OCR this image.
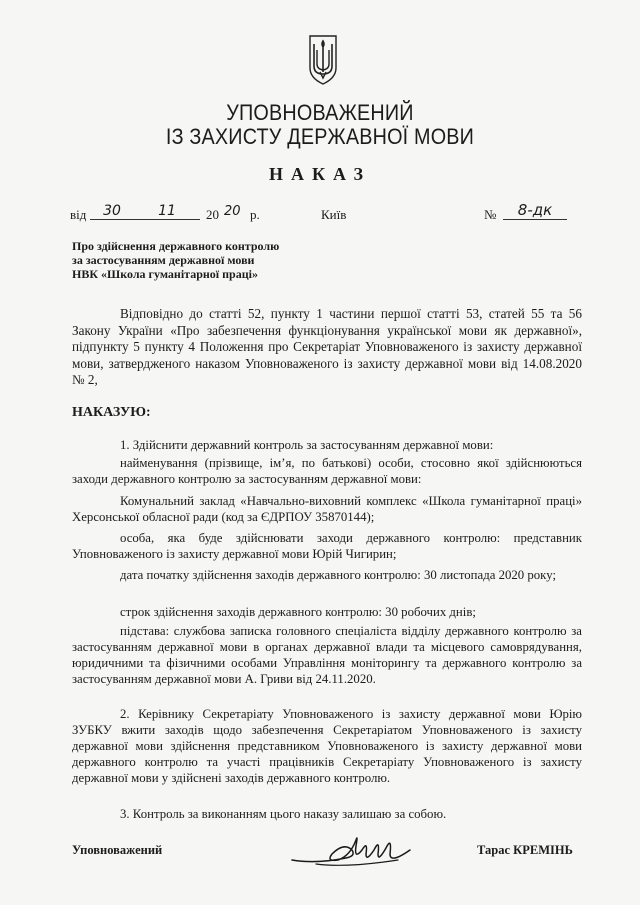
УПОВНОВАЖЕНИЙ
ІЗ ЗАХИСТУ ДЕРЖАВНОЇ МОВИ
НАКАЗ
від	30	11	20 20 р.	Київ	№	8-дк
Про здійснення державного контролю
за застосуванням державної мови
НВК «Школа гуманітарної праці»
Відповідно до статті 52, пункту 1 частини першої статті 53, статей 55 та 56 Закону України «Про забезпечення функціонування української мови як державної», підпункту 5 пункту 4 Положення про Секретаріат Уповноваженого із захисту державної мови, затвердженого наказом Уповноваженого із захисту державної мови від 14.08.2020 № 2,
НАКАЗУЮ:
1. Здійснити державний контроль за застосуванням державної мови:
найменування (прізвище, ім’я, по батькові) особи, стосовно якої здійснюються заходи державного контролю за застосуванням державної мови:
Комунальний заклад «Навчально-виховний комплекс «Школа гуманітарної праці» Херсонської обласної ради (код за ЄДРПОУ 35870144);
особа, яка буде здійснювати заходи державного контролю: представник Уповноваженого із захисту державної мови Юрій Чигирин;
дата початку здійснення заходів державного контролю: 30 листопада 2020 року;
строк здійснення заходів державного контролю: 30 робочих днів;
підстава: службова записка головного спеціаліста відділу державного контролю за застосуванням державної мови в органах державної влади та місцевого самоврядування, юридичними та фізичними особами Управління моніторингу та державного контролю за застосуванням державної мови А. Гриви від 24.11.2020.
2. Керівнику Секретаріату Уповноваженого із захисту державної мови Юрію ЗУБКУ вжити заходів щодо забезпечення Секретаріатом Уповноваженого із захисту державної мови здійснення представником Уповноваженого із захисту державної мови державного контролю та участі працівників Секретаріату Уповноваженого із захисту державної мови у здійснені заходів державного контролю.
3. Контроль за виконанням цього наказу залишаю за собою.
Уповноважений	Тарас КРЕМІНЬ
